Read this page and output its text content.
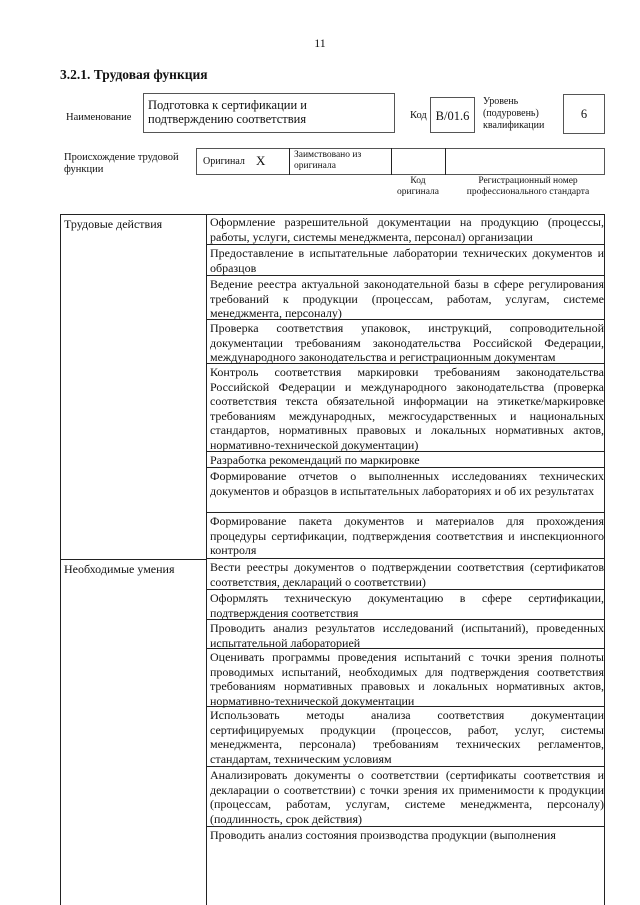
11
3.2.1. Трудовая функция
Наименование
Подготовка к сертификации и подтверждению соответствия	Код B/01.6
Уровень (подуровень) квалификации
6
Происхождение трудовой функции
Оригинал X	Заимствовано из оригинала
Код оригинала
Регистрационный номер профессионального стандарта
Трудовые действия
Необходимые умения
Оформление разрешительной документации на продукцию (процессы, работы, услуги, системы менеджмента, персонал) организации
Предоставление в испытательные лаборатории технических документов и образцов
Ведение реестра актуальной законодательной базы в сфере регулирования требований к продукции (процессам, работам, услугам, системе менеджмента, персоналу)
Проверка соответствия упаковок, инструкций, сопроводительной документации требованиям законодательства Российской Федерации, международного законодательства и регистрационным документам
Контроль соответствия маркировки требованиям законодательства Российской Федерации и международного законодательства (проверка соответствия текста обязательной информации на этикетке/маркировке требованиям международных, межгосударственных и национальных стандартов, нормативных правовых и локальных нормативных актов, нормативно-технической документации)
Разработка рекомендаций по маркировке
Формирование отчетов о выполненных исследованиях технических документов и образцов в испытательных лабораториях и об их результатах
Формирование пакета документов и материалов для прохождения процедуры сертификации, подтверждения соответствия и инспекционного контроля
Вести реестры документов о подтверждении соответствия (сертификатов соответствия, деклараций о соответствии)
Оформлять техническую документацию в сфере сертификации, подтверждения соответствия
Проводить анализ результатов исследований (испытаний), проведенных испытательной лабораторией
Оценивать программы проведения испытаний с точки зрения полноты проводимых испытаний, необходимых для подтверждения соответствия требованиям нормативных правовых и локальных нормативных актов, нормативно-технической документации
Использовать методы анализа соответствия документации сертифицируемых продукции (процессов, работ, услуг, системы менеджмента, персонала) требованиям технических регламентов, стандартам, техническим условиям
Анализировать документы о соответствии (сертификаты соответствия и декларации о соответствии) с точки зрения их применимости к продукции (процессам, работам, услугам, системе менеджмента, персоналу) (подлинность, срок действия)
Проводить анализ состояния производства продукции (выполнения
